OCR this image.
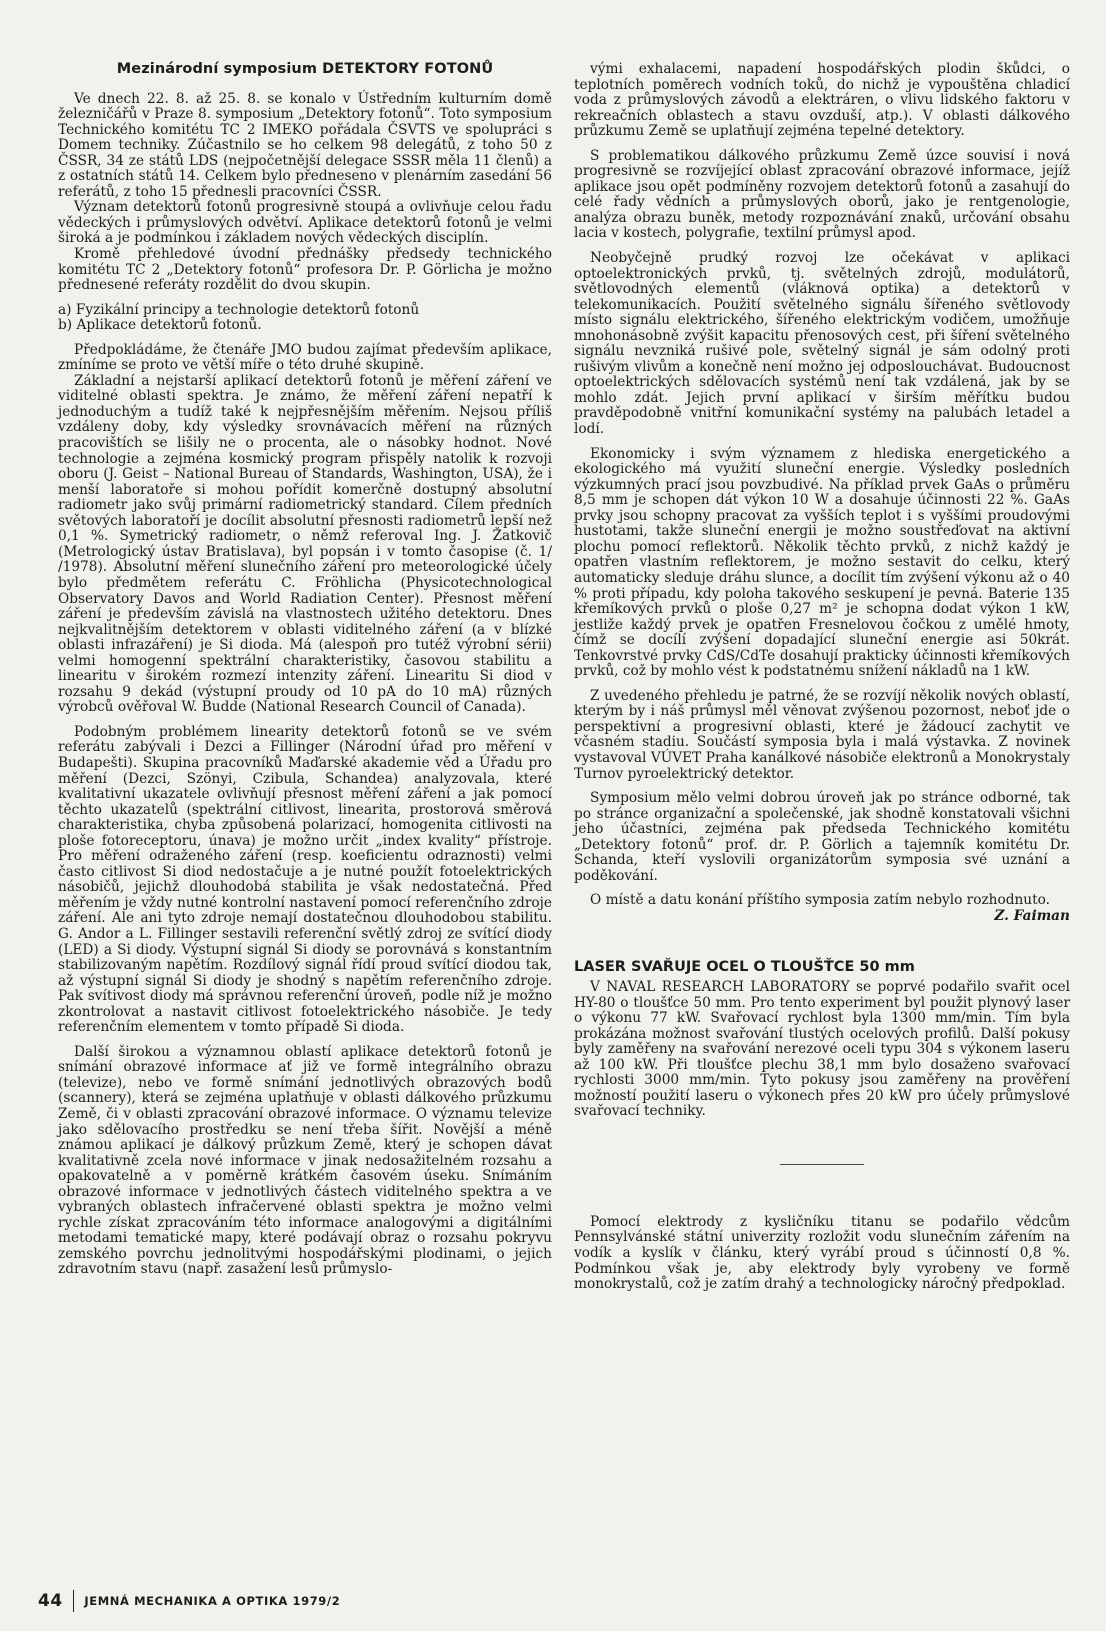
Mezinárodní symposium DETEKTORY FOTONŮ

Ve dnech 22. 8. až 25. 8. se konalo v Ústředním kulturním domě železničářů v Praze 8. symposium „Detektory fotonů“. Toto symposium Technického komitétu TC 2 IMEKO pořádala ČSVTS ve spolupráci s Domem techniky. Zúčastnilo se ho celkem 98 delegátů, z toho 50 z ČSSR, 34 ze států LDS (nejpočetnější delegace SSSR měla 11 členů) a z ostatních států 14. Celkem bylo předneseno v plenárním zasedání 56 referátů, z toho 15 přednesli pracovníci ČSSR.

Význam detektorů fotonů progresivně stoupá a ovlivňuje celou řadu vědeckých i průmyslových odvětví. Aplikace detektorů fotonů je velmi široká a je podmínkou i základem nových vědeckých disciplín.

Kromě přehledové úvodní přednášky předsedy technického komitétu TC 2 „Detektory fotonů“ profesora Dr. P. Görlicha je možno přednesené referáty rozdělit do dvou skupin.

a) Fyzikální principy a technologie detektorů fotonů

b) Aplikace detektorů fotonů.

Předpokládáme, že čtenáře JMO budou zajímat především aplikace, zmíníme se proto ve větší míře o této druhé skupině.

Základní a nejstarší aplikací detektorů fotonů je měření záření ve viditelné oblasti spektra. Je známo, že měření záření nepatří k jednoduchým a tudíž také k nejpřesnějším měřením. Nejsou příliš vzdáleny doby, kdy výsledky srovnávacích měření na různých pracovištích se lišily ne o procenta, ale o násobky hodnot. Nové technologie a zejména kosmický program přispěly natolik k rozvoji oboru (J. Geist – National Bureau of Standards, Washington, USA), že i menší laboratoře si mohou pořídit komerčně dostupný absolutní radiometr jako svůj primární radiometrický standard. Cílem předních světových laboratoří je docílit absolutní přesnosti radiometrů lepší než 0,1 %. Symetrický radiometr, o němž referoval Ing. J. Žatkovič (Metrologický ústav Bratislava), byl popsán i v tomto časopise (č. 1/ /1978). Absolutní měření slunečního záření pro meteorologické účely bylo předmětem referátu C. Fröhlicha (Physicotechnological Observatory Davos and World Radiation Center). Přesnost měření záření je především závislá na vlastnostech užitého detektoru. Dnes nejkvalitnějším detektorem v oblasti viditelného záření (a v blízké oblasti infrazáření) je Si dioda. Má (alespoň pro tutéž výrobní sérii) velmi homogenní spektrální charakteristiky, časovou stabilitu a linearitu v širokém rozmezí intenzity záření. Linearitu Si diod v rozsahu 9 dekád (výstupní proudy od 10 pA do 10 mA) různých výrobců ověřoval W. Budde (National Research Council of Canada).

Podobným problémem linearity detektorů fotonů se ve svém referátu zabývali i Dezci a Fillinger (Národní úřad pro měření v Budapešti). Skupina pracovníků Maďarské akademie věd a Úřadu pro měření (Dezci, Szönyi, Czibula, Schandea) analyzovala, které kvalitativní ukazatele ovlivňují přesnost měření záření a jak pomocí těchto ukazatelů (spektrální citlivost, linearita, prostorová směrová charakteristika, chyba způsobená polarizací, homogenita citlivosti na ploše fotoreceptoru, únava) je možno určit „index kvality“ přístroje. Pro měření odraženého záření (resp. koeficientu odraznosti) velmi často citlivost Si diod nedostačuje a je nutné použít fotoelektrických násobičů, jejichž dlouhodobá stabilita je však nedostatečná. Před měřením je vždy nutné kontrolní nastavení pomocí referenčního zdroje záření. Ale ani tyto zdroje nemají dostatečnou dlouhodobou stabilitu. G. Andor a L. Fillinger sestavili referenční světlý zdroj ze svítící diody (LED) a Si diody. Výstupní signál Si diody se porovnává s konstantním stabilizovaným napětím. Rozdílový signál řídí proud svítící diodou tak, až výstupní signál Si diody je shodný s napětím referenčního zdroje. Pak svítivost diody má správnou referenční úroveň, podle níž je možno zkontrolovat a nastavit citlivost fotoelektrického násobiče. Je tedy referenčním elementem v tomto případě Si dioda.

Další širokou a významnou oblastí aplikace detektorů fotonů je snímání obrazové informace ať již ve formě integrálního obrazu (televize), nebo ve formě snímání jednotlivých obrazových bodů (scannery), která se zejména uplatňuje v oblasti dálkového průzkumu Země, či v oblasti zpracování obrazové informace. O významu televize jako sdělovacího prostředku se není třeba šířit. Novější a méně známou aplikací je dálkový průzkum Země, který je schopen dávat kvalitativně zcela nové informace v jinak nedosažitelném rozsahu a opakovatelně a v poměrně krátkém časovém úseku. Snímáním obrazové informace v jednotlivých částech viditelného spektra a ve vybraných oblastech infračervené oblasti spektra je možno velmi rychle získat zpracováním této informace analogovými a digitálními metodami tematické mapy, které podávají obraz o rozsahu pokryvu zemského povrchu jednolitvými hospodářskými plodinami, o jejich zdravotním stavu (např. zasažení lesů průmyslo-

vými exhalacemi, napadení hospodářských plodin škůdci, o teplotních poměrech vodních toků, do nichž je vypouštěna chladicí voda z průmyslových závodů a elektráren, o vlivu lidského faktoru v rekreačních oblastech a stavu ovzduší, atp.). V oblasti dálkového průzkumu Země se uplatňují zejména tepelné detektory.

S problematikou dálkového průzkumu Země úzce souvisí i nová progresivně se rozvíjející oblast zpracování obrazové informace, jejíž aplikace jsou opět podmíněny rozvojem detektorů fotonů a zasahují do celé řady vědních a průmyslových oborů, jako je rentgenologie, analýza obrazu buněk, metody rozpoznávání znaků, určování obsahu lacia v kostech, polygrafie, textilní průmysl apod.

Neobyčejně prudký rozvoj lze očekávat v aplikaci optoelektronických prvků, tj. světelných zdrojů, modulátorů, světlovodných elementů (vláknová optika) a detektorů v telekomunikacích. Použití světelného signálu šířeného světlovody místo signálu elektrického, šířeného elektrickým vodičem, umožňuje mnohonásobně zvýšit kapacitu přenosových cest, při šíření světelného signálu nevzniká rušivé pole, světelný signál je sám odolný proti rušivým vlivům a konečně není možno jej odposlouchávat. Budoucnost optoelektrických sdělovacích systémů není tak vzdálená, jak by se mohlo zdát. Jejich první aplikací v širším měřítku budou pravděpodobně vnitřní komunikační systémy na palubách letadel a lodí.

Ekonomicky i svým významem z hlediska energetického a ekologického má využití sluneční energie. Výsledky posledních výzkumných prací jsou povzbudivé. Na příklad prvek GaAs o průměru 8,5 mm je schopen dát výkon 10 W a dosahuje účinnosti 22 %. GaAs prvky jsou schopny pracovat za vyšších teplot i s vyššími proudovými hustotami, takže sluneční energii je možno soustřeďovat na aktivní plochu pomocí reflektorů. Několik těchto prvků, z nichž každý je opatřen vlastním reflektorem, je možno sestavit do celku, který automaticky sleduje dráhu slunce, a docílit tím zvýšení výkonu až o 40 % proti případu, kdy poloha takového seskupení je pevná. Baterie 135 křemíkových prvků o ploše 0,27 m² je schopna dodat výkon 1 kW, jestliže každý prvek je opatřen Fresnelovou čočkou z umělé hmoty, čímž se docílí zvýšení dopadající sluneční energie asi 50krát. Tenkovrstvé prvky CdS/CdTe dosahují prakticky účinnosti křemíkových prvků, což by mohlo vést k podstatnému snížení nákladů na 1 kW.

Z uvedeného přehledu je patrné, že se rozvíjí několik nových oblastí, kterým by i náš průmysl měl věnovat zvýšenou pozornost, neboť jde o perspektivní a progresivní oblasti, které je žádoucí zachytit ve včasném stadiu. Součástí symposia byla i malá výstavka. Z novinek vystavoval VÚVET Praha kanálkové násobiče elektronů a Monokrystaly Turnov pyroelektrický detektor.

Symposium mělo velmi dobrou úroveň jak po stránce odborné, tak po stránce organizační a společenské, jak shodně konstatovali všichni jeho účastníci, zejména pak předseda Technického komitétu „Detektory fotonů“ prof. dr. P. Görlich a tajemník komitétu Dr. Schanda, kteří vyslovili organizátorům symposia své uznání a poděkování.

O místě a datu konání příštího symposia zatím nebylo rozhodnuto.

Z. Faiman

LASER SVAŘUJE OCEL O TLOUŠŤCE 50 mm

V NAVAL RESEARCH LABORATORY se poprvé podařilo svařit ocel HY-80 o tloušťce 50 mm. Pro tento experiment byl použit plynový laser o výkonu 77 kW. Svařovací rychlost byla 1300 mm/min. Tím byla prokázána možnost svařování tlustých ocelových profilů. Další pokusy byly zaměřeny na svařování nerezové oceli typu 304 s výkonem laseru až 100 kW. Při tloušťce plechu 38,1 mm bylo dosaženo svařovací rychlosti 3000 mm/min. Tyto pokusy jsou zaměřeny na prověření možností použití laseru o výkonech přes 20 kW pro účely průmyslové svařovací techniky.

Pomocí elektrody z kysličníku titanu se podařilo vědcům Pennsylvánské státní univerzity rozložit vodu slunečním zářením na vodík a kyslík v článku, který vyrábí proud s účinností 0,8 %. Podmínkou však je, aby elektrody byly vyrobeny ve formě monokrystalů, což je zatím drahý a technologicky náročný předpoklad.

44 JEMNÁ MECHANIKA A OPTIKA 1979/2
